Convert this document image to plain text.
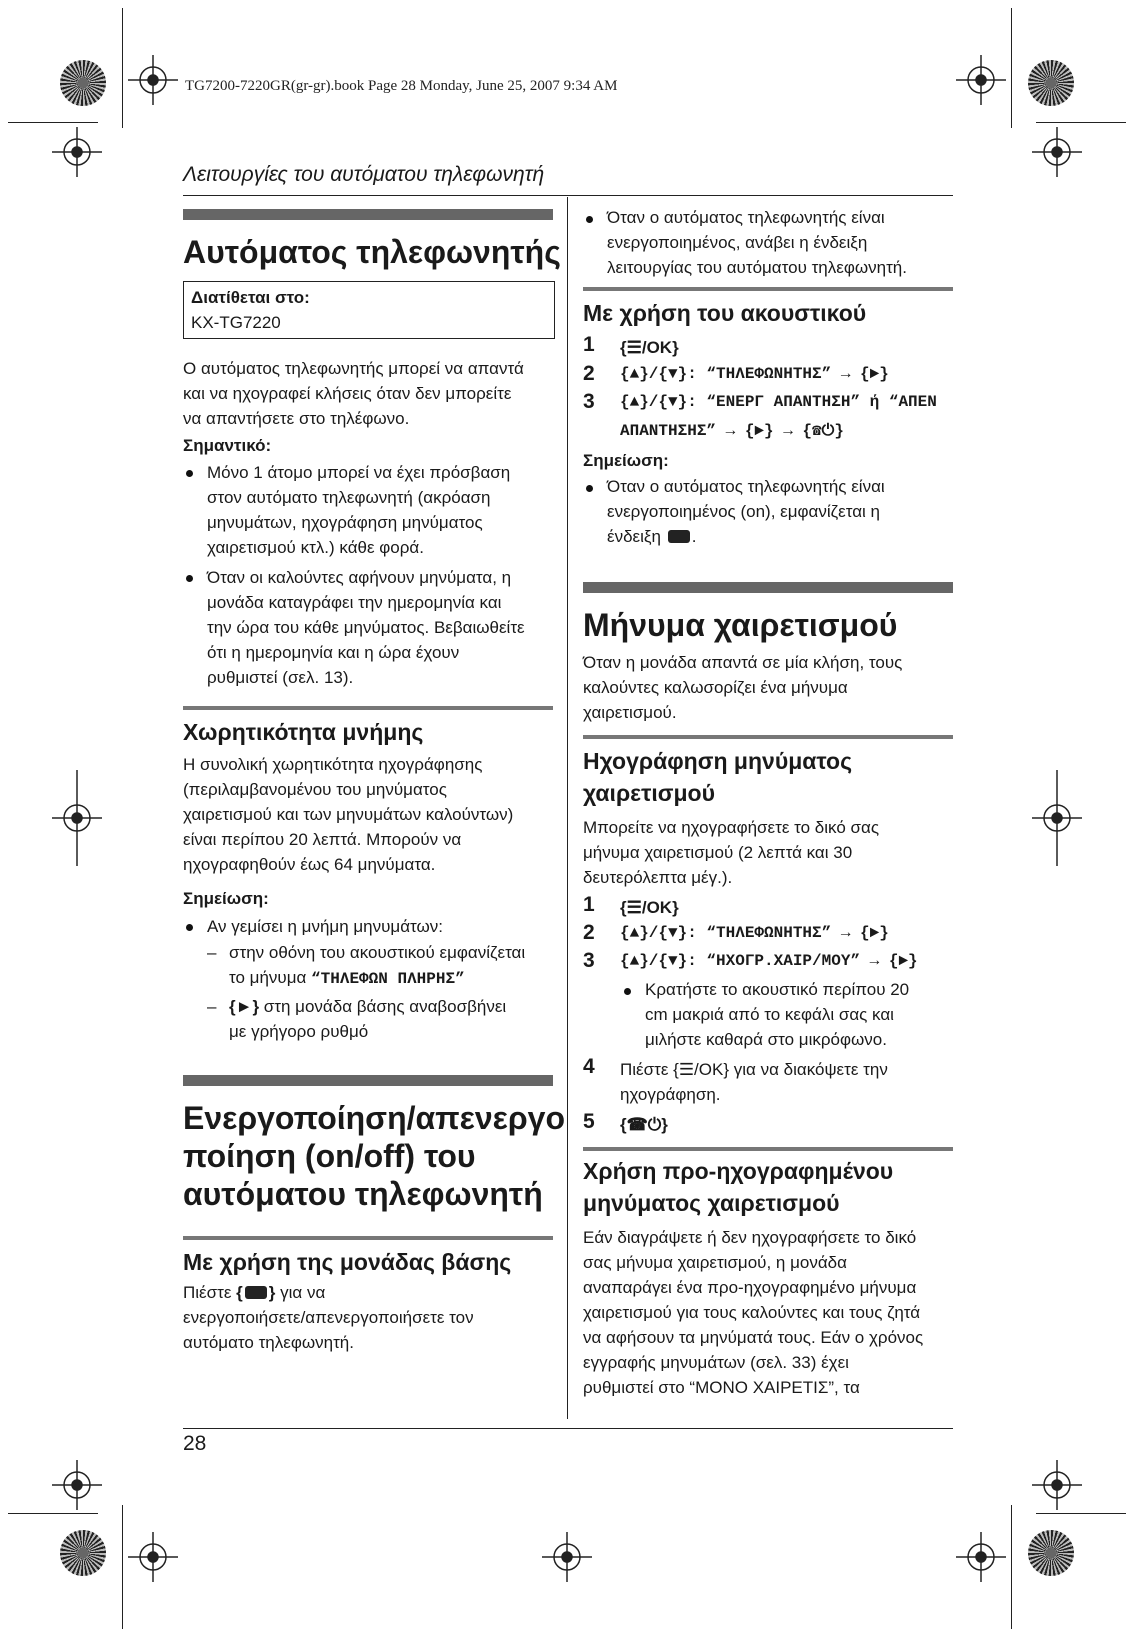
TG7200-7220GR(gr-gr).book Page 28 Monday, June 25, 2007 9:34 AM
Λειτουργίες του αυτόματου τηλεφωνητή
Αυτόματος τηλεφωνητής
Διατίθεται στο:
KX-TG7220
Ο αυτόματος τηλεφωνητής μπορεί να απαντά
και να ηχογραφεί κλήσεις όταν δεν μπορείτε
να απαντήσετε στο τηλέφωνο.
Σημαντικό:
Μόνο 1 άτομο μπορεί να έχει πρόσβαση
στον αυτόματο τηλεφωνητή (ακρόαση
μηνυμάτων, ηχογράφηση μηνύματος
χαιρετισμού κτλ.) κάθε φορά.
Όταν οι καλούντες αφήνουν μηνύματα, η
μονάδα καταγράφει την ημερομηνία και
την ώρα του κάθε μηνύματος. Βεβαιωθείτε
ότι η ημερομηνία και η ώρα έχουν
ρυθμιστεί (σελ. 13).
Χωρητικότητα μνήμης
Η συνολική χωρητικότητα ηχογράφησης
(περιλαμβανομένου του μηνύματος
χαιρετισμού και των μηνυμάτων καλούντων)
είναι περίπου 20 λεπτά. Μπορούν να
ηχογραφηθούν έως 64 μηνύματα.
Σημείωση:
Αν γεμίσει η μνήμη μηνυμάτων:
– στην οθόνη του ακουστικού εμφανίζεται
το μήνυμα “ΤΗΛΕΦΩΝ ΠΛΗΡΗΣ”
– {►} στη μονάδα βάσης αναβοσβήνει
με γρήγορο ρυθμό
Ενεργοποίηση/απενεργο
ποίηση (on/off) του
αυτόματου τηλεφωνητή
Με χρήση της μονάδας βάσης
Πιέστε { } για να
ενεργοποιήσετε/απενεργοποιήσετε τον
αυτόματο τηλεφωνητή.
28
Όταν ο αυτόματος τηλεφωνητής είναι
ενεργοποιημένος, ανάβει η ένδειξη
λειτουργίας του αυτόματου τηλεφωνητή.
Με χρήση του ακουστικού
1 {☰/OK}
2 {▲}/{▼}: “ΤΗΛΕΦΩΝΗΤΗΣ” → {►}
3 {▲}/{▼}: “ΕΝΕΡΓ ΑΠΑΝΤΗΣΗ” ή “ΑΠΕΝ
ΑΠΑΝΤΗΣΗΣ” → {►} → {☎⏻}
Σημείωση:
Όταν ο αυτόματος τηλεφωνητής είναι
ενεργοποιημένος (on), εμφανίζεται η
ένδειξη .
Μήνυμα χαιρετισμού
Όταν η μονάδα απαντά σε μία κλήση, τους
καλούντες καλωσορίζει ένα μήνυμα
χαιρετισμού.
Ηχογράφηση μηνύματος
χαιρετισμού
Μπορείτε να ηχογραφήσετε το δικό σας
μήνυμα χαιρετισμού (2 λεπτά και 30
δευτερόλεπτα μέγ.).
1 {☰/OK}
2 {▲}/{▼}: “ΤΗΛΕΦΩΝΗΤΗΣ” → {►}
3 {▲}/{▼}: “ΗΧΟΓΡ.ΧΑΙΡ/ΜΟΥ” → {►}
Κρατήστε το ακουστικό περίπου 20
cm μακριά από το κεφάλι σας και
μιλήστε καθαρά στο μικρόφωνο.
4 Πιέστε {☰/OK} για να διακόψετε την
ηχογράφηση.
5 {☎⏻}
Χρήση προ-ηχογραφημένου
μηνύματος χαιρετισμού
Εάν διαγράψετε ή δεν ηχογραφήσετε το δικό
σας μήνυμα χαιρετισμού, η μονάδα
αναπαράγει ένα προ-ηχογραφημένο μήνυμα
χαιρετισμού για τους καλούντες και τους ζητά
να αφήσουν τα μηνύματά τους. Εάν ο χρόνος
εγγραφής μηνυμάτων (σελ. 33) έχει
ρυθμιστεί στο “ΜΟΝΟ ΧΑΙΡΕΤΙΣ”, τα
